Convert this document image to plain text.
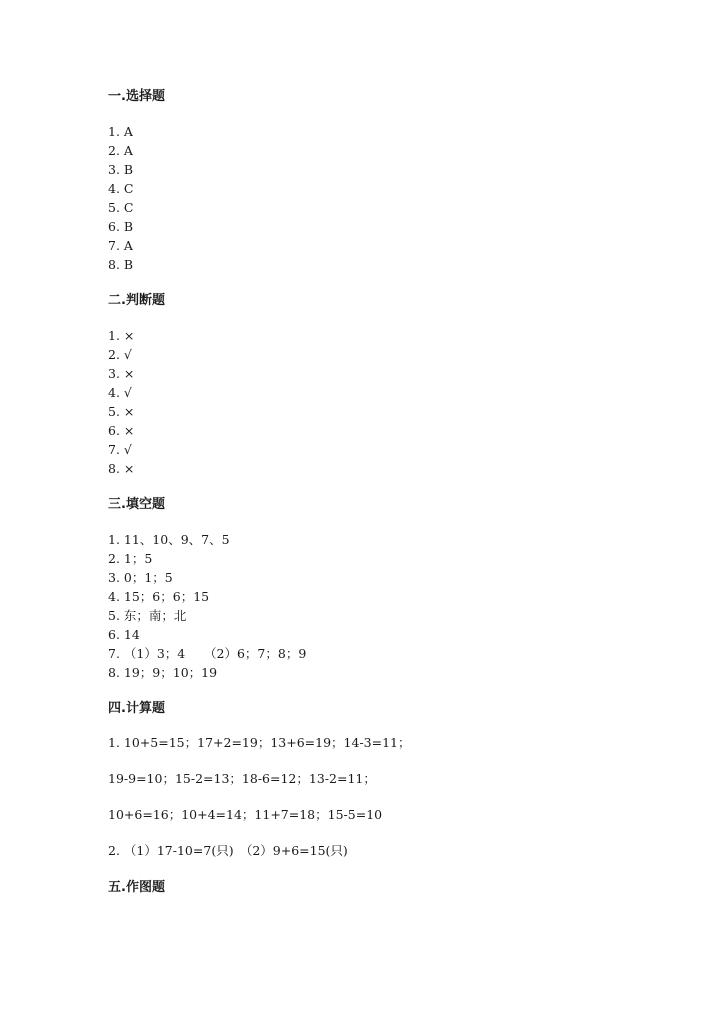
一.选择题
1. A
2. A
3. B
4. C
5. C
6. B
7. A
8. B
二.判断题
1. ×
2. √
3. ×
4. √
5. ×
6. ×
7. √
8. ×
三.填空题
1. 11、10、9、7、5
2. 1；5
3. 0；1；5
4. 15；6；6；15
5. 东；南；北
6. 14
7. （1）3；4　　（2）6；7；8；9
8. 19；9；10；19
四.计算题
1. 10+5=15；17+2=19；13+6=19；14-3=11；
19-9=10；15-2=13；18-6=12；13-2=11；
10+6=16；10+4=14；11+7=18；15-5=10
2. （1）17-10=7(只)　（2）9+6=15(只)
五.作图题
